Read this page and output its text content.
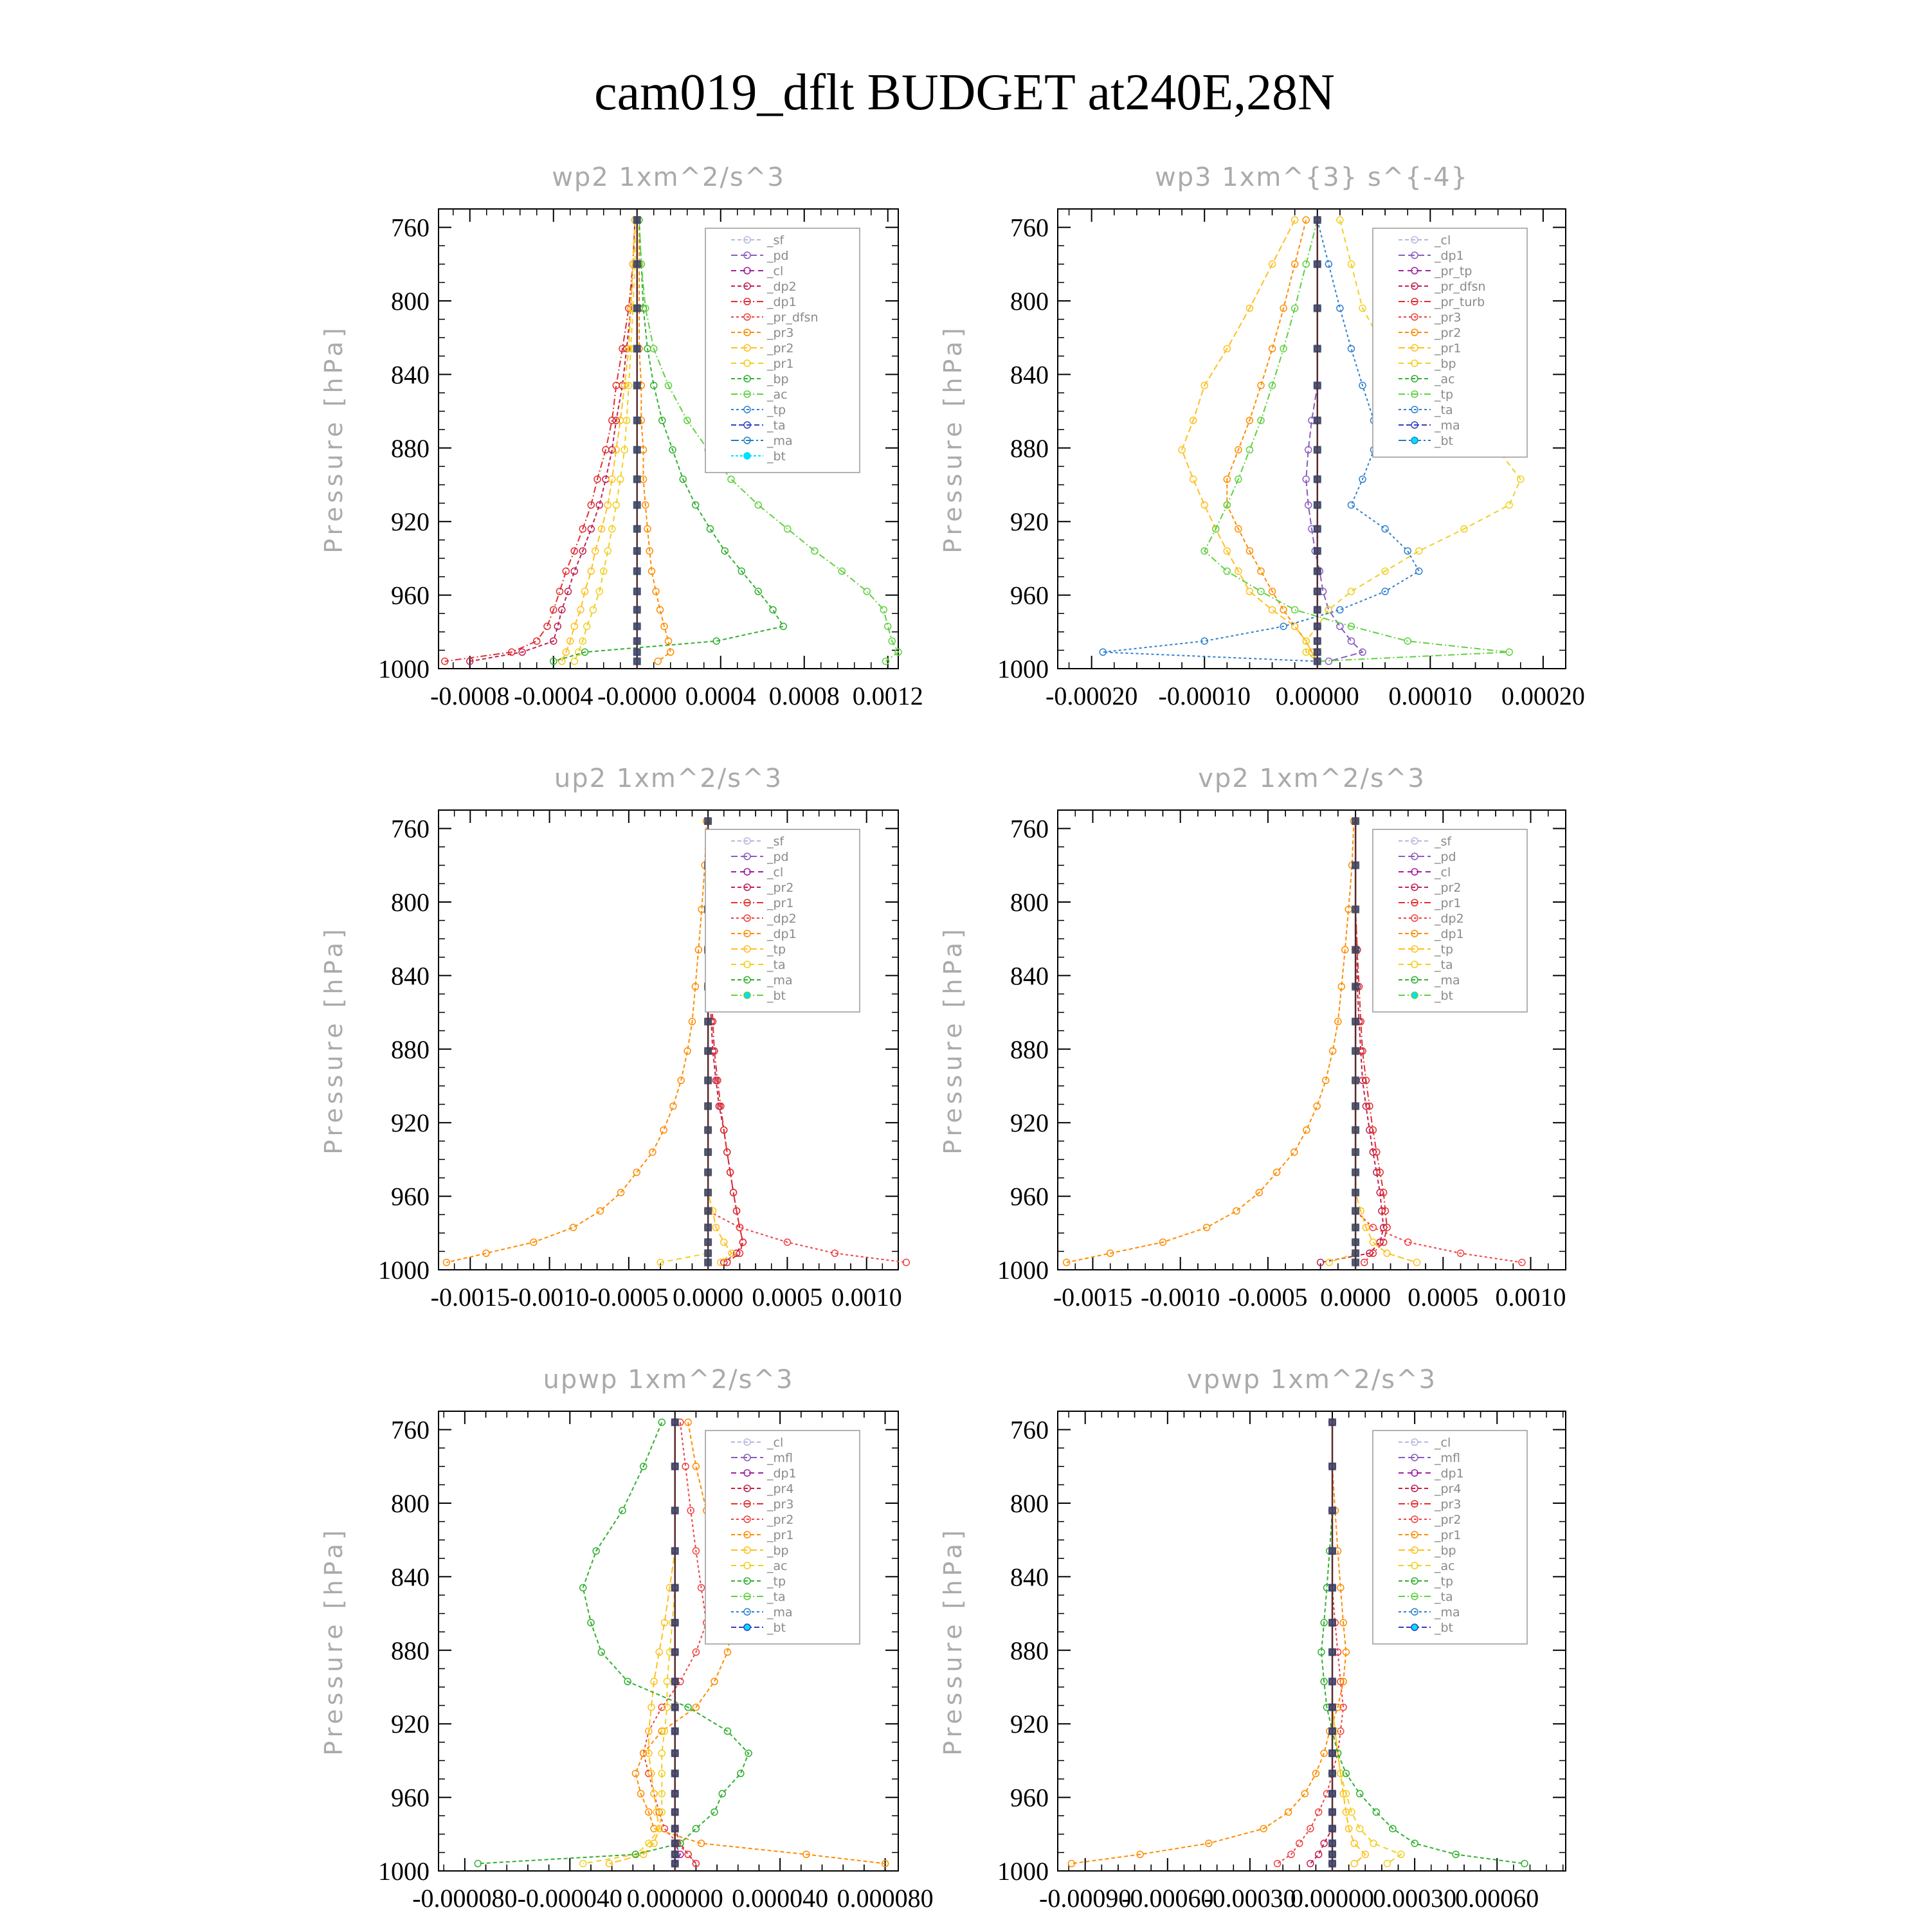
cam019_dflt BUDGET at240E,28N
wp2 1xm^2/s^3
760
800
840
880
920
960
1000
-0.0008 -0.0004 -0.0000 0.0004 0.0008 0.0012
Pressure [hPa]
_sf
_pd
_cl
_dp2
_dp1
_pr_dfsn
_pr3
_pr2
_pr1
_bp
_ac
_tp
_ta
_ma
_bt
wp3 1xm^{3} s^{-4}
760
800
840
880
920
960
1000
-0.00020 -0.00010 0.00000 0.00010 0.00020
Pressure [hPa]
_cl
_dp1
_pr_tp
_pr_dfsn
_pr_turb
_pr3
_pr2
_pr1
_bp
_ac
_tp
_ta
_ma
_bt
up2 1xm^2/s^3
760
800
840
880
920
960
1000
-0.0015 -0.0010 -0.0005 0.0000 0.0005 0.0010
Pressure [hPa]
_sf
_pd
_cl
_pr2
_pr1
_dp2
_dp1
_tp
_ta
_ma
_bt
vp2 1xm^2/s^3
760
800
840
880
920
960
1000
-0.0015 -0.0010 -0.0005 0.0000 0.0005 0.0010
Pressure [hPa]
_sf
_pd
_cl
_pr2
_pr1
_dp2
_dp1
_tp
_ta
_ma
_bt
upwp 1xm^2/s^3
760
800
840
880
920
960
1000
-0.000080 -0.000040 0.000000 0.000040 0.000080
Pressure [hPa]
_cl
_mfl
_dp1
_pr4
_pr3
_pr2
_pr1
_bp
_ac
_tp
_ta
_ma
_bt
vpwp 1xm^2/s^3
760
800
840
880
920
960
1000
-0.00090
-0.00060
-0.00030
0.00000
0.00030
0.00060
Pressure [hPa]
_cl
_mfl
_dp1
_pr4
_pr3
_pr2
_pr1
_bp
_ac
_tp
_ta
_ma
_bt
